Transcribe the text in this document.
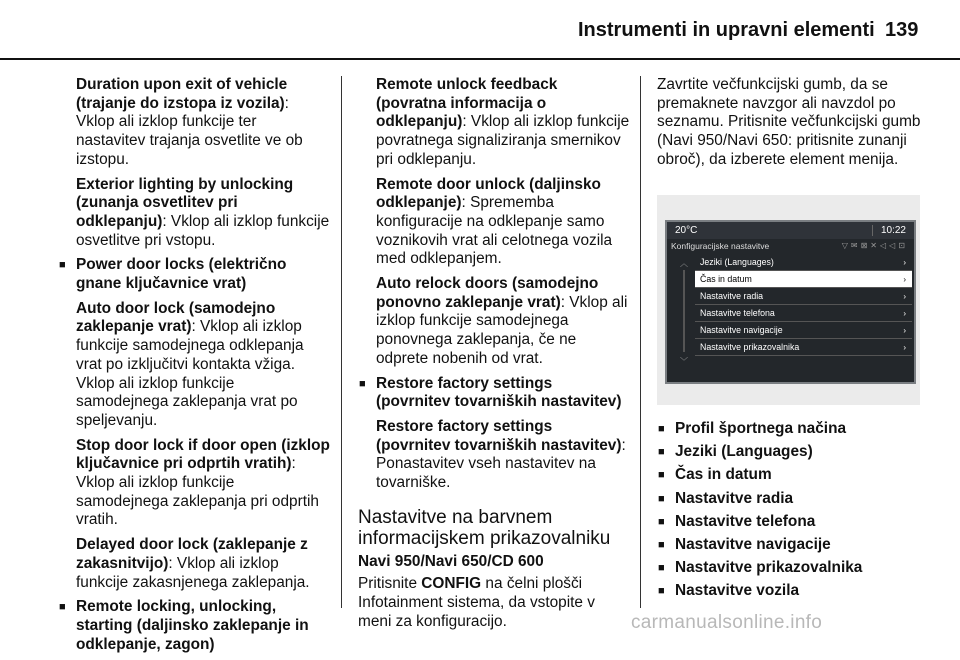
Instrumenti in upravni elementi 139

Duration upon exit of vehicle (trajanje do izstopa iz vozila): Vklop ali izklop funkcije ter nastavitev trajanja osvetlite ve ob izstopu.

Exterior lighting by unlocking (zunanja osvetlitev pri odklepanju): Vklop ali izklop funkcije osvetlitve pri vstopu.

■ Power door locks (električno gnane ključavnice vrat)

Auto door lock (samodejno zaklepanje vrat): Vklop ali izklop funkcije samodejnega odklepanja vrat po izključitvi kontakta vžiga. Vklop ali izklop funkcije samodejnega zaklepanja vrat po speljevanju.

Stop door lock if door open (izklop ključavnice pri odprtih vratih): Vklop ali izklop funkcije samodejnega zaklepanja pri odprtih vratih.

Delayed door lock (zaklepanje z zakasnitvijo): Vklop ali izklop funkcije zakasnjenega zaklepanja.

■ Remote locking, unlocking, starting (daljinsko zaklepanje in odklepanje, zagon)

Remote unlock feedback (povratna informacija o odklepanju): Vklop ali izklop funkcije povratnega signaliziranja smernikov pri odklepanju.

Remote door unlock (daljinsko odklepanje): Sprememba konfiguracije na odklepanje samo voznikovih vrat ali celotnega vozila med odklepanjem.

Auto relock doors (samodejno ponovno zaklepanje vrat): Vklop ali izklop funkcije samodejnega ponovnega zaklepanja, če ne odprete nobenih od vrat.

■ Restore factory settings (povrnitev tovarniških nastavitev)

Restore factory settings (povrnitev tovarniških nastavitev): Ponastavitev vseh nastavitev na tovarniške.

Nastavitve na barvnem informacijskem prikazovalniku
Navi 950/Navi 650/CD 600

Pritisnite CONFIG na čelni plošči Infotainment sistema, da vstopite v meni za konfiguracijo.

Zavrtite večfunkcijski gumb, da se premaknete navzgor ali navzdol po seznamu. Pritisnite večfunkcijski gumb (Navi 950/Navi 650: pritisnite zunanji obroč), da izberete element menija.

20°C	10:22
Konfiguracijske nastavitve	▽✉⊠✕◁◁⊡
︿
﹀
Jeziki (Languages)	›
Čas in datum	›
Nastavitve radia	›
Nastavitve telefona	›
Nastavitve navigacije	›
Nastavitve prikazovalnika	›

■ Profil športnega načina

■ Jeziki (Languages)

■ Čas in datum

■ Nastavitve radia

■ Nastavitve telefona

■ Nastavitve navigacije

■ Nastavitve prikazovalnika

■ Nastavitve vozila

carmanualsonline.info
